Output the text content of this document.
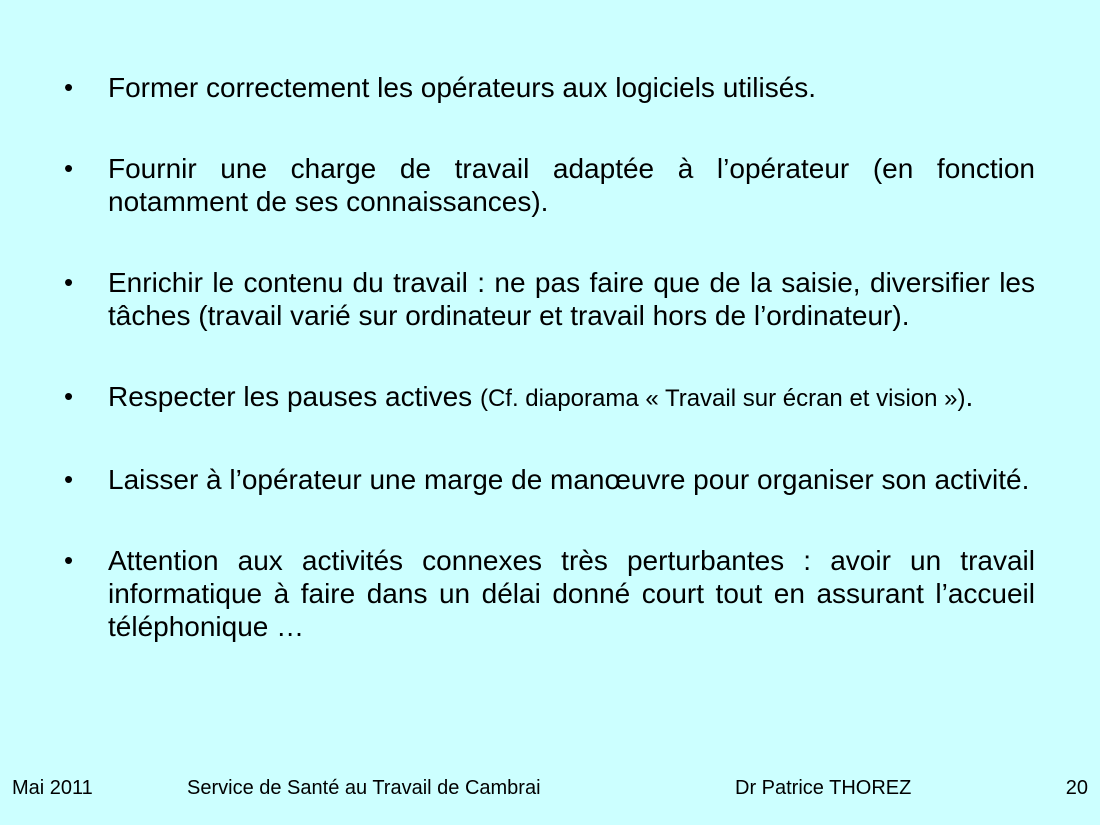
•	Former correctement les opérateurs aux logiciels utilisés.
•	Fournir une charge de travail adaptée à l’opérateur (en fonction notamment de ses connaissances).
•	Enrichir le contenu du travail : ne pas faire que de la saisie, diversifier les tâches (travail varié sur ordinateur et travail hors de l’ordinateur).
•	Respecter les pauses actives (Cf. diaporama « Travail sur écran et vision »).
•	Laisser à l’opérateur une marge de manœuvre pour organiser son activité.
•	Attention aux activités connexes très perturbantes : avoir un travail informatique à faire dans un délai donné court tout en assurant l’accueil téléphonique …
Mai 2011	Service de Santé au Travail de Cambrai	Dr Patrice THOREZ	20
